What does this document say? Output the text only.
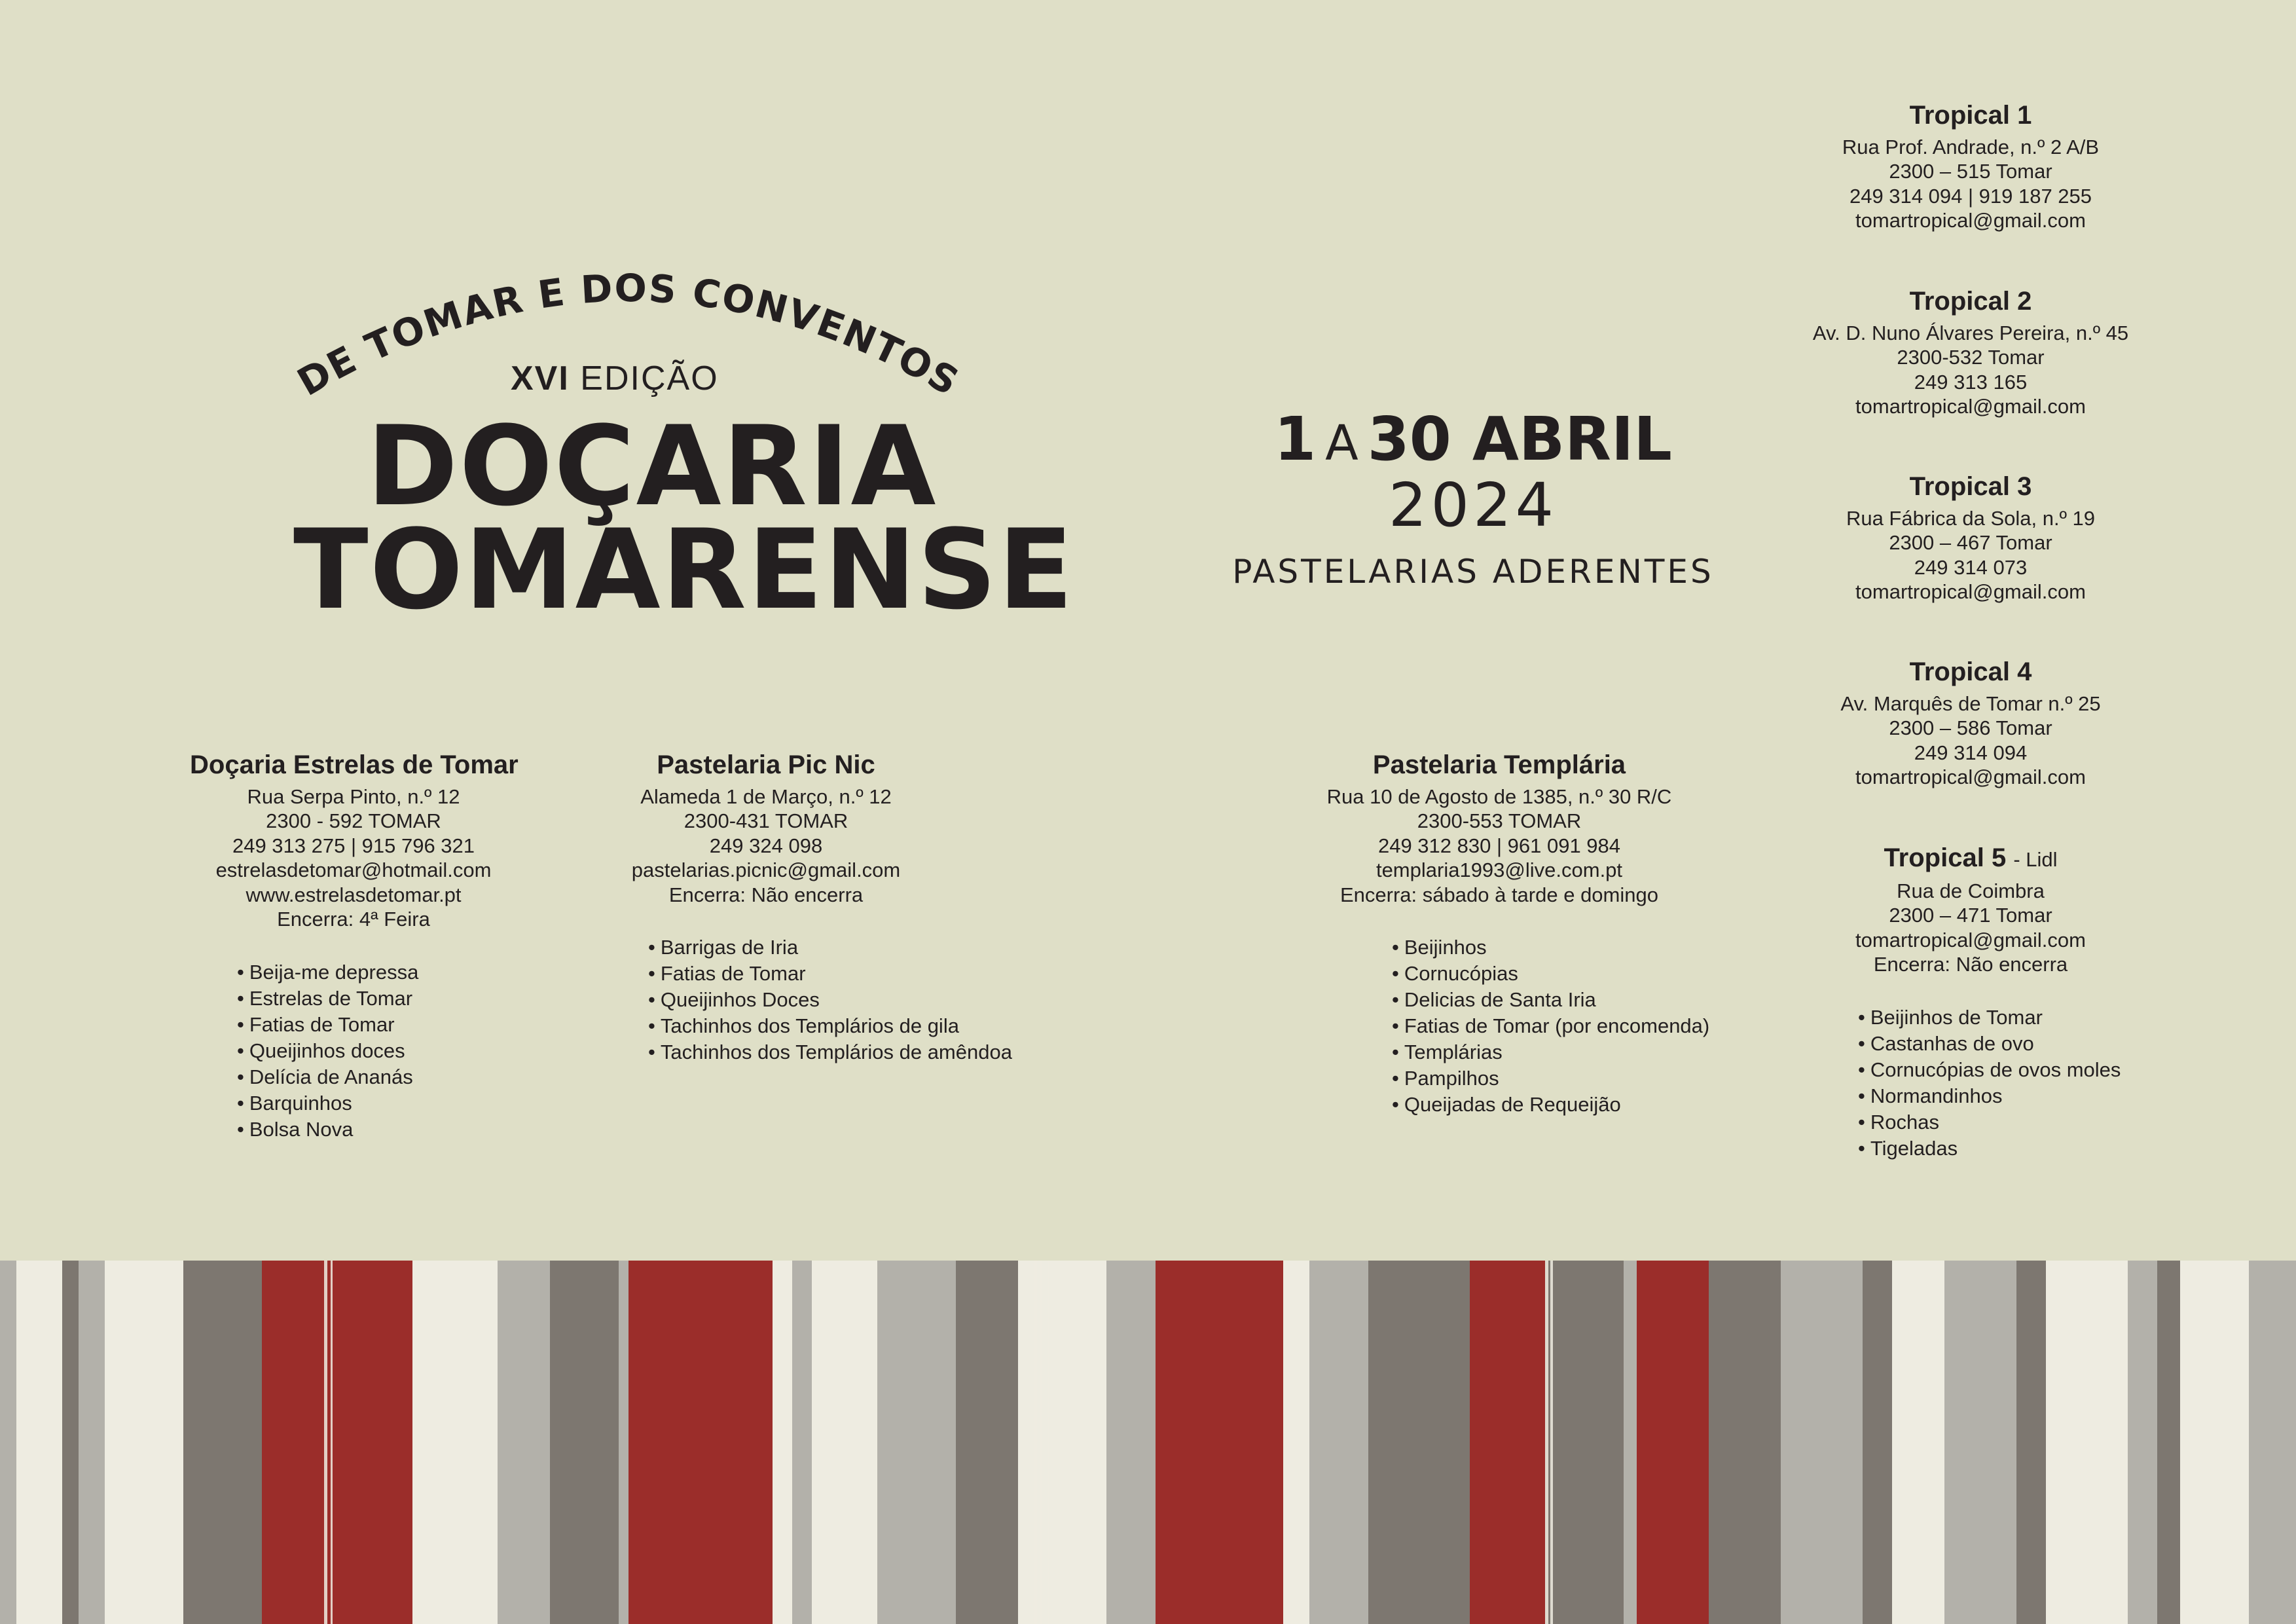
DE TOMAR E DOS CONVENTOS
XVI EDIÇÃO
DOÇARIA
TOMARENSE
1 A 30 ABRIL
2024
PASTELARIAS ADERENTES
Doçaria Estrelas de Tomar
Rua Serpa Pinto, n.º 12
2300 - 592 TOMAR
249 313 275 | 915 796 321
estrelasdetomar@hotmail.com
www.estrelasdetomar.pt
Encerra: 4ª Feira
• Beija-me depressa
• Estrelas de Tomar
• Fatias de Tomar
• Queijinhos doces
• Delícia de Ananás
• Barquinhos
• Bolsa Nova
Pastelaria Pic Nic
Alameda 1 de Março, n.º 12
2300-431 TOMAR
249 324 098
pastelarias.picnic@gmail.com
Encerra: Não encerra
• Barrigas de Iria
• Fatias de Tomar
• Queijinhos Doces
• Tachinhos dos Templários de gila
• Tachinhos dos Templários de amêndoa
Pastelaria Templária
Rua 10 de Agosto de 1385, n.º 30 R/C
2300-553 TOMAR
249 312 830 | 961 091 984
templaria1993@live.com.pt
Encerra: sábado à tarde e domingo
• Beijinhos
• Cornucópias
• Delicias de Santa Iria
• Fatias de Tomar (por encomenda)
• Templárias
• Pampilhos
• Queijadas de Requeijão
Tropical 1
Rua Prof. Andrade, n.º 2 A/B
2300 – 515 Tomar
249 314 094 | 919 187 255
tomartropical@gmail.com
Tropical 2
Av. D. Nuno Álvares Pereira, n.º 45
2300-532 Tomar
249 313 165
tomartropical@gmail.com
Tropical 3
Rua Fábrica da Sola, n.º 19
2300 – 467 Tomar
249 314 073
tomartropical@gmail.com
Tropical 4
Av. Marquês de Tomar n.º 25
2300 – 586 Tomar
249 314 094
tomartropical@gmail.com
Tropical 5 - Lidl
Rua de Coimbra
2300 – 471 Tomar
tomartropical@gmail.com
Encerra: Não encerra
• Beijinhos de Tomar
• Castanhas de ovo
• Cornucópias de ovos moles
• Normandinhos
• Rochas
• Tigeladas
